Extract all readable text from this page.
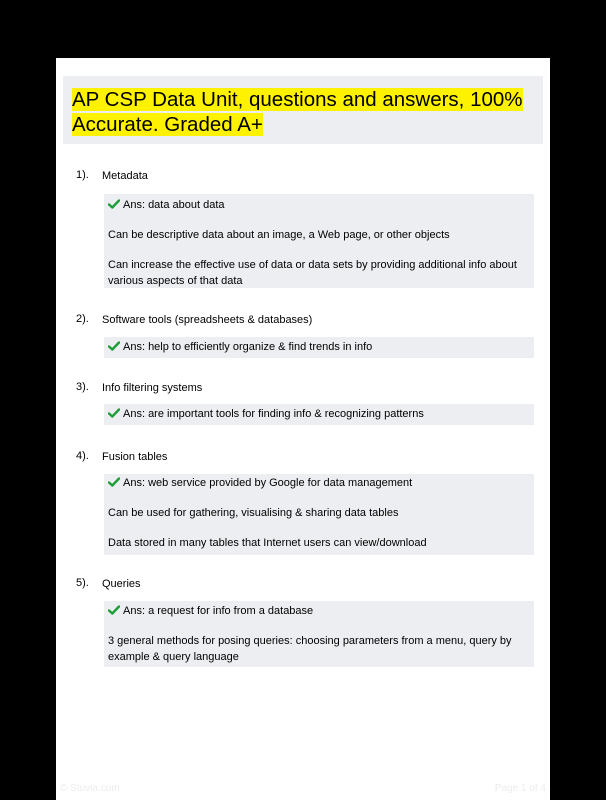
AP CSP Data Unit, questions and answers, 100% Accurate. Graded A+
1). Metadata
Ans: data about data
Can be descriptive data about an image, a Web page, or other objects
Can increase the effective use of data or data sets by providing additional info about various aspects of that data
2). Software tools (spreadsheets & databases)
Ans: help to efficiently organize & find trends in info
3). Info filtering systems
Ans: are important tools for finding info & recognizing patterns
4). Fusion tables
Ans: web service provided by Google for data management
Can be used for gathering, visualising & sharing data tables
Data stored in many tables that Internet users can view/download
5). Queries
Ans: a request for info from a database
3 general methods for posing queries: choosing parameters from a menu, query by example & query language
© Stuvia.com	Page 1 of 4
